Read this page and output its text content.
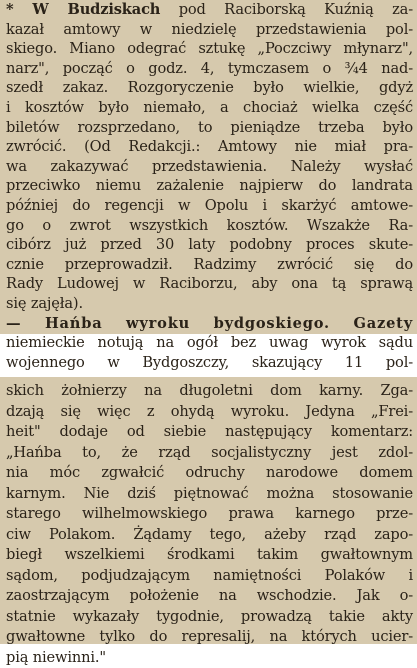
* W Budziskach pod Raciborską Kuźnią za-
kazał amtowy w niedzielę przedstawienia pol-
skiego. Miano odegrać sztukę „Poczciwy młynarz",
narz", począć o godz. 4, tymczasem o ¾4 nad-
szedł zakaz. Rozgoryczenie było wielkie, gdyż
i kosztów było niemało, a chociaż wielka część
biletów rozsprzedano, to pieniądze trzeba było
zwrócić. (Od Redakcji.: Amtowy nie miał pra-
wa zakazywać przedstawienia. Należy wysłać
przeciwko niemu zażalenie najpierw do landrata
później do regencji w Opolu i skarżyć amtowe-
go o zwrot wszystkich kosztów. Wszakże Ra-
cibórz już przed 30 laty podobny proces skute-
cznie przeprowadził. Radzimy zwrócić się do
Rady Ludowej w Raciborzu, aby ona tą sprawą
się zajęła).
— Hańba wyroku bydgoskiego. Gazety
niemieckie notują na ogół bez uwag wyrok sądu
wojennego w Bydgoszczy, skazujący 11 pol-
skich żołnierzy na długoletni dom karny. Zga-
dzają się więc z ohydą wyroku. Jedyna „Frei-
heit" dodaje od siebie następujący komentarz:
„Hańba to, że rząd socjalistyczny jest zdol-
nia móc zgwałcić odruchy narodowe domem
karnym. Nie dziś piętnować można stosowanie
starego wilhelmowskiego prawa karnego prze-
ciw Polakom. Żądamy tego, ażeby rząd zapo-
biegł wszelkiemi środkami takim gwałtownym
sądom, podjudzającym namiętności Polaków i
zaostrzającym położenie na wschodzie. Jak o-
statnie wykazały tygodnie, prowadzą takie akty
gwałtowne tylko do represalij, na których ucier-
pią niewinni."
